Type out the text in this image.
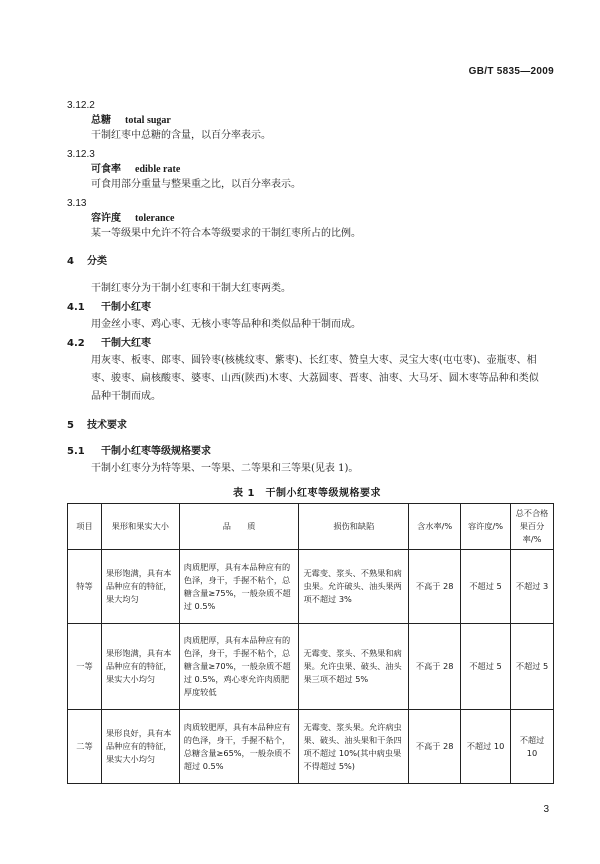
GB/T 5835—2009
3.12.2
总糖 total sugar
干制红枣中总糖的含量，以百分率表示。
3.12.3
可食率 edible rate
可食用部分重量与整果重之比，以百分率表示。
3.13
容许度 tolerance
某一等级果中允许不符合本等级要求的干制红枣所占的比例。
4 分类
干制红枣分为干制小红枣和干制大红枣两类。
4.1 干制小红枣
用金丝小枣、鸡心枣、无核小枣等品种和类似品种干制而成。
4.2 干制大红枣
用灰枣、板枣、郎枣、圆铃枣(核桃纹枣、紫枣)、长红枣、赞皇大枣、灵宝大枣(屯屯枣)、壶瓶枣、相枣、骏枣、扁核酸枣、婆枣、山西(陕西)木枣、大荔圆枣、晋枣、油枣、大马牙、圆木枣等品种和类似品种干制而成。
5 技术要求
5.1 干制小红枣等级规格要求
干制小红枣分为特等果、一等果、二等果和三等果(见表 1)。
表 1　干制小红枣等级规格要求
项目	果形和果实大小	品　　质	损伤和缺陷	含水率/%	容许度/%	总不合格果百分率/%
特等	果形饱满，具有本品种应有的特征，果大均匀	肉质肥厚，具有本品种应有的色泽，身干，手握不粘个，总糖含量≥75%，一般杂质不超过 0.5%	无霉变、浆头、不熟果和病虫果。允许破头、油头果两项不超过 3%	不高于 28	不超过 5	不超过 3
一等	果形饱满，具有本品种应有的特征，果实大小均匀	肉质肥厚，具有本品种应有的色泽，身干，手握不粘个，总糖含量≥70%，一般杂质不超过 0.5%，鸡心枣允许肉质肥厚度较低	无霉变、浆头、不熟果和病果。允许虫果、破头、油头果三项不超过 5%	不高于 28	不超过 5	不超过 5
二等	果形良好，具有本品种应有的特征，果实大小均匀	肉质较肥厚，具有本品种应有的色泽，身干，手握不粘个，总糖含量≥65%，一般杂质不超过 0.5%	无霉变、浆头果。允许病虫果、破头、油头果和干条四项不超过 10%(其中病虫果不得超过 5%)	不高于 28	不超过 10	不超过 10
3
